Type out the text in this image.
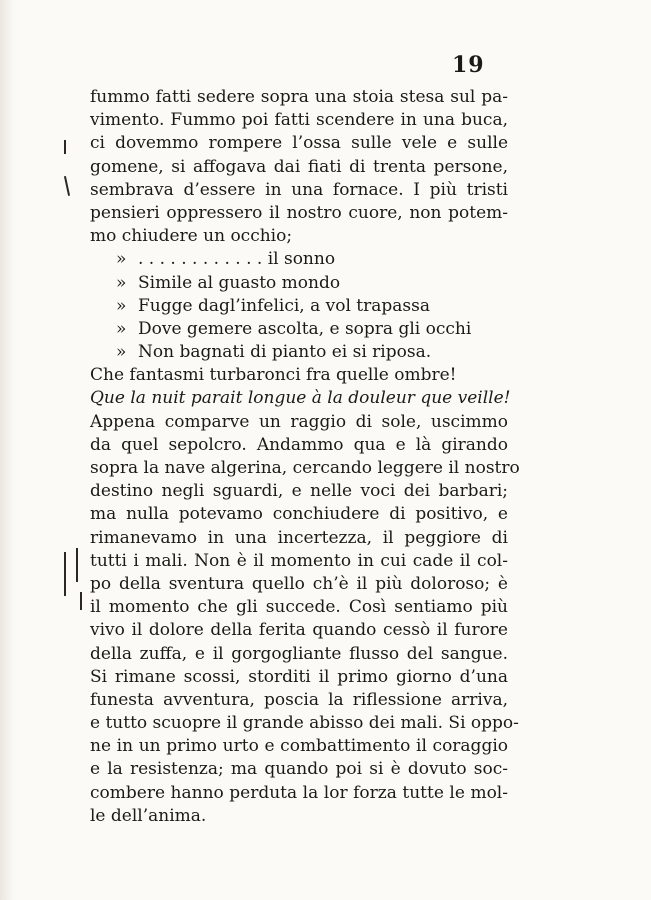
19
fummo fatti sedere sopra una stoia stesa sul pa-
vimento. Fummo poi fatti scendere in una buca,
ci dovemmo rompere l’ossa sulle vele e sulle
gomene, si affogava dai fiati di trenta persone,
sembrava d’essere in una fornace. I più tristi
pensieri oppressero il nostro cuore, non potem-
mo chiudere un occhio;
» . . . . . . . . . . . . il sonno
» Simile al guasto mondo
» Fugge dagl’infelici, a vol trapassa
» Dove gemere ascolta, e sopra gli occhi
» Non bagnati di pianto ei si riposa.
Che fantasmi turbaronci fra quelle ombre!
Que la nuit parait longue à la douleur que veille!
Appena comparve un raggio di sole, uscimmo
da quel sepolcro. Andammo qua e là girando
sopra la nave algerina, cercando leggere il nostro
destino negli sguardi, e nelle voci dei barbari;
ma nulla potevamo conchiudere di positivo, e
rimanevamo in una incertezza, il peggiore di
tutti i mali. Non è il momento in cui cade il col-
po della sventura quello ch’è il più doloroso; è
il momento che gli succede. Così sentiamo più
vivo il dolore della ferita quando cessò il furore
della zuffa, e il gorgogliante flusso del sangue.
Si rimane scossi, storditi il primo giorno d’una
funesta avventura, poscia la riflessione arriva,
e tutto scuopre il grande abisso dei mali. Si oppo-
ne in un primo urto e combattimento il coraggio
e la resistenza; ma quando poi si è dovuto soc-
combere hanno perduta la lor forza tutte le mol-
le dell’anima.
